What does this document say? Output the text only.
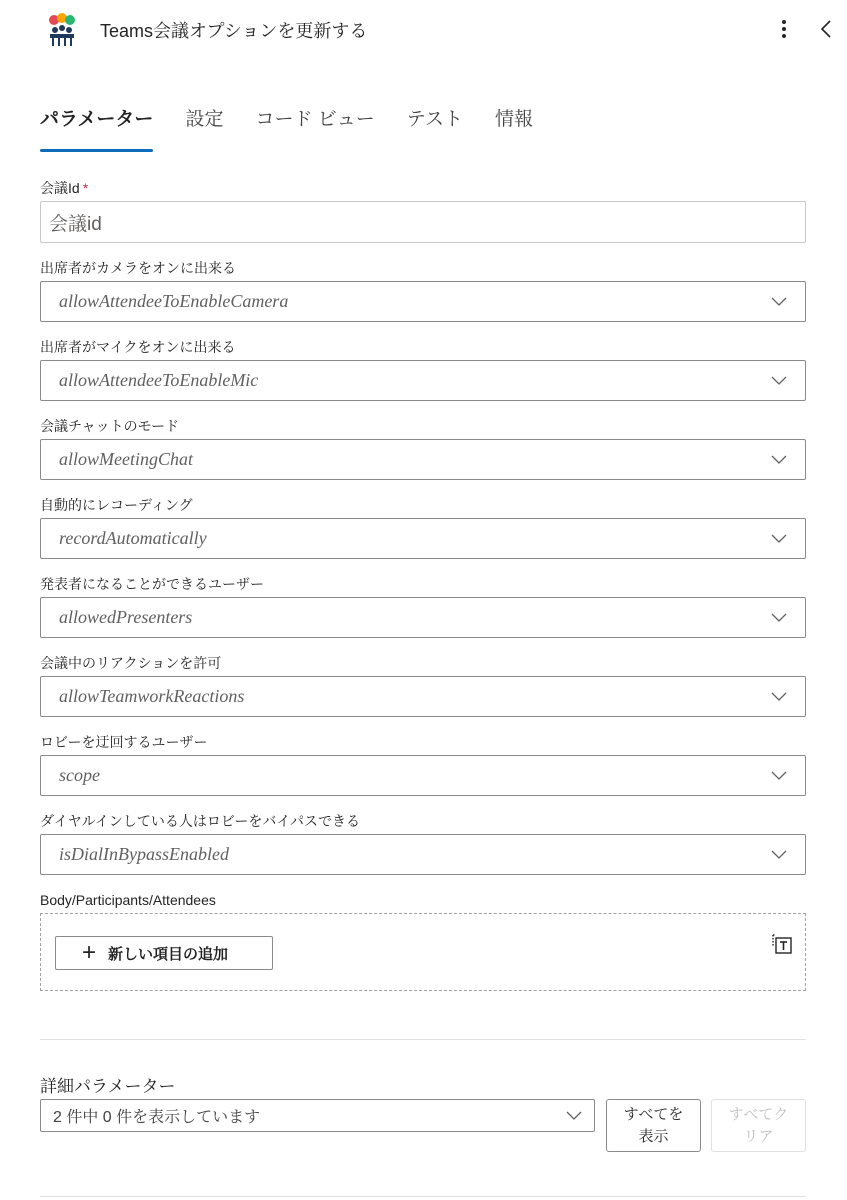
Teams会議オプションを更新する
パラメーター 設定 コード ビュー テスト 情報
会議Id *
会議id
出席者がカメラをオンに出来る
allowAttendeeToEnableCamera
出席者がマイクをオンに出来る
allowAttendeeToEnableMic
会議チャットのモード
allowMeetingChat
自動的にレコーディング
recordAutomatically
発表者になることができるユーザー
allowedPresenters
会議中のリアクションを許可
allowTeamworkReactions
ロビーを迂回するユーザー
scope
ダイヤルインしている人はロビーをバイパスできる
isDialInBypassEnabled
Body/Participants/Attendees
+ 新しい項目の追加
詳細パラメーター
2 件中 0 件を表示しています	すべてを
表示
すべてク
リア
